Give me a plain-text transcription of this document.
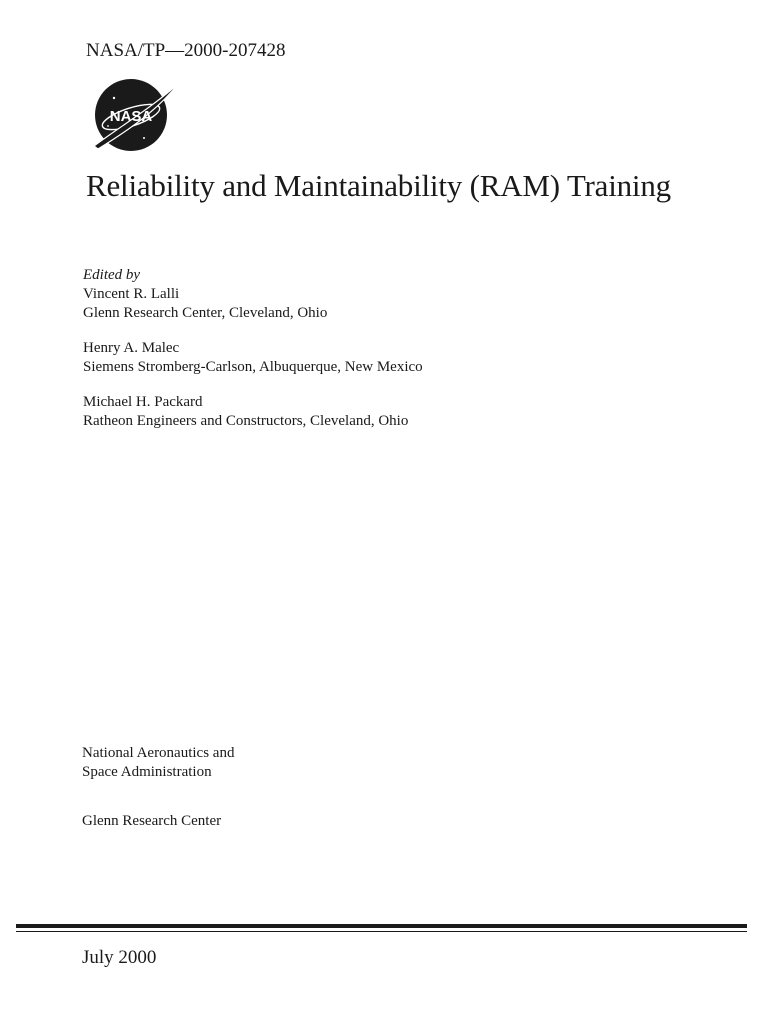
NASA/TP—2000-207428
NASA
Reliability and Maintainability (RAM) Training
Edited by
Vincent R. Lalli
Glenn Research Center, Cleveland, Ohio
Henry A. Malec
Siemens Stromberg-Carlson, Albuquerque, New Mexico
Michael H. Packard
Ratheon Engineers and Constructors, Cleveland, Ohio
National Aeronautics and
Space Administration
Glenn Research Center
July 2000
